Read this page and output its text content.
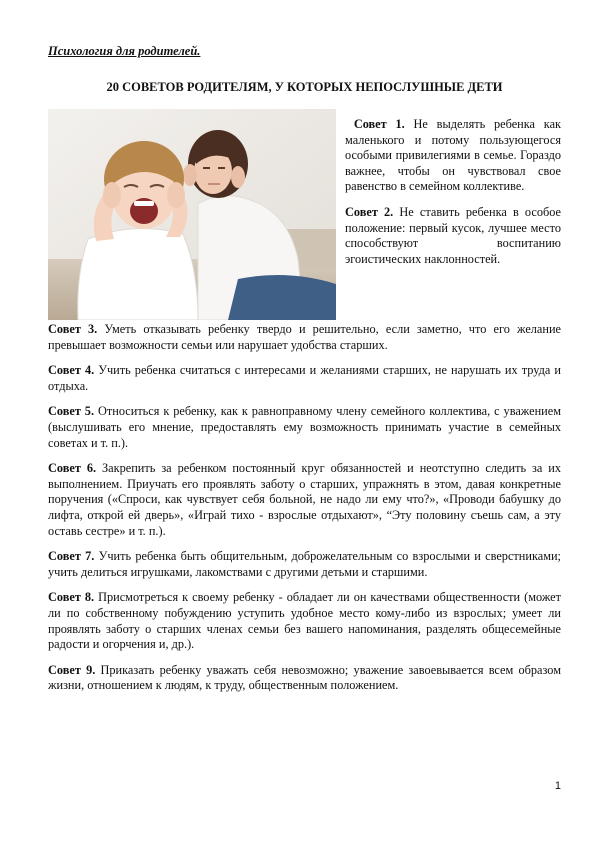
Психология для родителей.
20 СОВЕТОВ РОДИТЕЛЯМ, У КОТОРЫХ НЕПОСЛУШНЫЕ ДЕТИ

Совет 1. Не выделять ребенка как маленького и потому пользующегося особыми привилегиями в семье. Гораздо важнее, чтобы он чувствовал свое равенство в семейном коллективе.

Совет 2. Не ставить ребенка в особое положение: первый кусок, лучшее место способствуют воспитанию эгоистических наклонностей.

Совет 3. Уметь отказывать ребенку твердо и решительно, если заметно, что его желание превышает возможности семьи или нарушает удобства старших.

Совет 4. Учить ребенка считаться с интересами и желаниями старших, не нарушать их труда и отдыха.

Совет 5. Относиться к ребенку, как к равноправному члену семейного коллектива, с уважением (выслушивать его мнение, предоставлять ему возможность принимать участие в семейных советах и т. п.).

Совет 6. Закрепить за ребенком постоянный круг обязанностей и неотступно следить за их выполнением. Приучать его проявлять заботу о старших, упражнять в этом, давая конкретные поручения («Спроси, как чувствует себя больной, не надо ли ему что?», «Проводи бабушку до лифта, открой ей дверь», «Играй тихо - взрослые отдыхают», “Эту половину съешь сам, а эту оставь сестре» и т. п.).

Совет 7. Учить ребенка быть общительным, доброжелательным со взрослыми и сверстниками; учить делиться игрушками, лакомствами с другими детьми и старшими.

Совет 8. Присмотреться к своему ребенку - обладает ли он качествами общественности (может ли по собственному побуждению уступить удобное место кому-либо из взрослых; умеет ли проявлять заботу о старших членах семьи без вашего напоминания, разделять общесемейные радости и огорчения и, др.).

Совет 9. Приказать ребенку уважать себя невозможно; уважение завоевывается всем образом жизни, отношением к людям, к труду, общественным положением.

1
